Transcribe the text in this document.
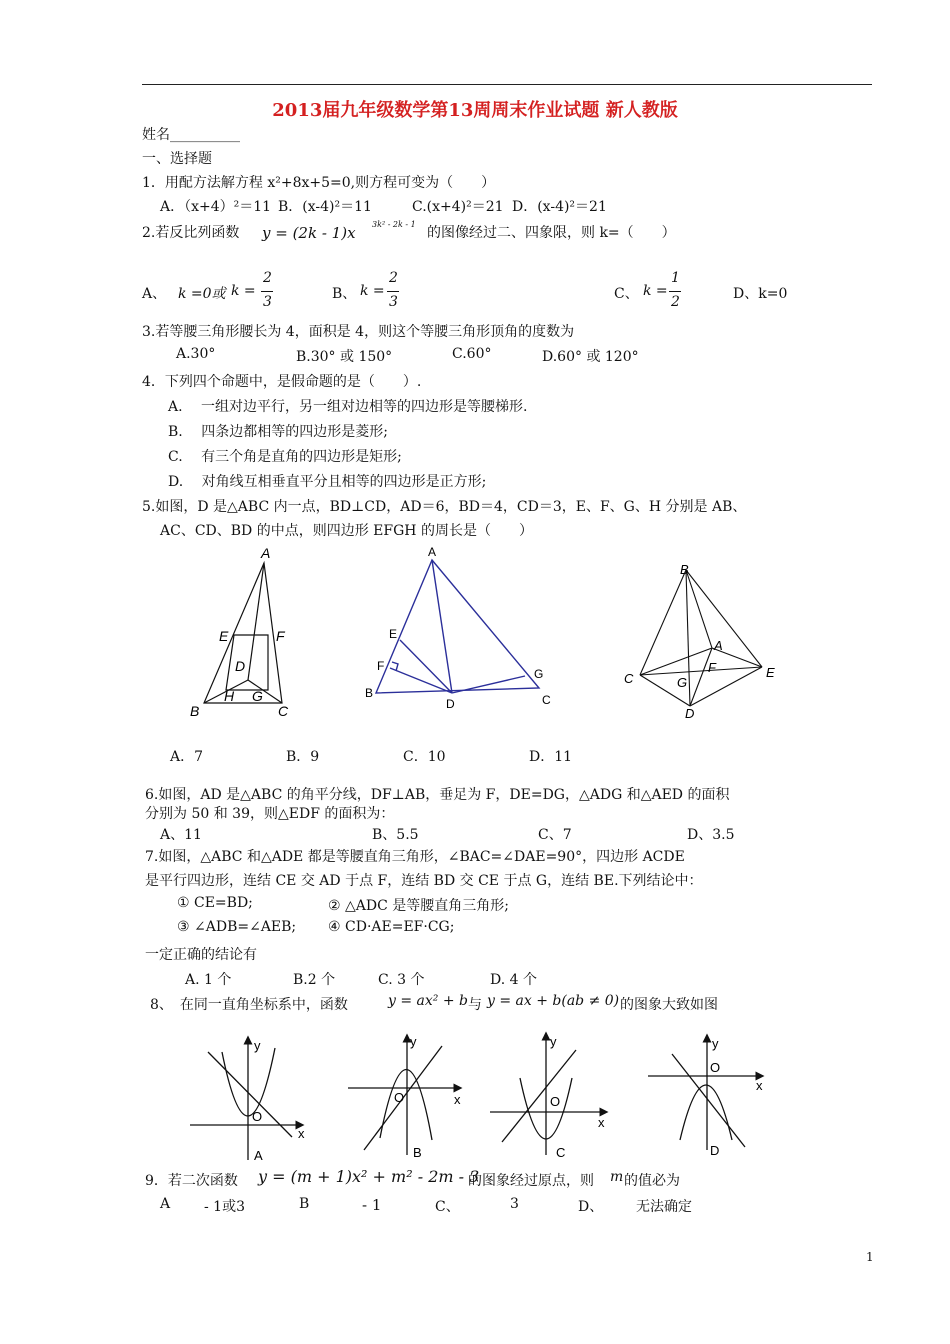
2013届九年级数学第13周周末作业试题 新人教版
姓名__________
一、选择题
1．用配方法解方程 x²+8x+5=0,则方程可变为（　　）
A．（x+4）²＝11 B．(x-4)²＝11	C.(x+4)²＝21 D．(x-4)²＝21
2.若反比列函数 y = (2k - 1)x 3k² - 2k - 1
的图像经过二、四象限，则 k=（　　）
A、 k =0或 k =
2
3	B、 k =
2
3	C、 k =
1
2	D、k=0
3.若等腰三角形腰长为 4，面积是 4，则这个等腰三角形顶角的度数为
A.30°	B.30° 或 150°	C.60°	D.60° 或 120°
4．下列四个命题中，是假命题的是（　　）.
A.　 一组对边平行，另一组对边相等的四边形是等腰梯形.
B.　 四条边都相等的四边形是菱形;
C.　 有三个角是直角的四边形是矩形;
D.　 对角线互相垂直平分且相等的四边形是正方形;
5.如图，D 是△ABC 内一点，BD⊥CD，AD＝6，BD＝4，CD＝3，E、F、G、H 分别是 AB、
AC、CD、BD 的中点，则四边形 EFGH 的周长是（　　）
A
B	C
D
E	F
G
H
A
B	C
D
E
F
G
B
C
A
E
F
G
D
A．7	B．9	C．10	D．11
6.如图，AD 是△ABC 的角平分线，DF⊥AB，垂足为 F，DE=DG，△ADG 和△AED 的面积
分别为 50 和 39，则△EDF 的面积为：
A、11	B、5.5	C、7	D、3.5
7.如图，△ABC 和△ADE 都是等腰直角三角形，∠BAC=∠DAE=90°，四边形 ACDE
是平行四边形，连结 CE 交 AD 于点 F，连结 BD 交 CE 于点 G，连结 BE.下列结论中：
① CE=BD;	② △ADC 是等腰直角三角形;
③ ∠ADB=∠AEB; ④ CD·AE=EF·CG;
一定正确的结论有
A. 1 个	B.2 个	C. 3 个	D. 4 个
8、　在同一直角坐标系中，函数	y = ax² + b 与 y = ax + b(ab ≠ 0) 的图象大致如图
y
x
O
A
y
x
O
B
y
x
O
C
y
x
O
D
9．若二次函数 y = (m + 1)x² + m² - 2m - 3
的图象经过原点，则 m 的值必为
A - 1或3	B	- 1	C、	3	D、 无法确定
1
